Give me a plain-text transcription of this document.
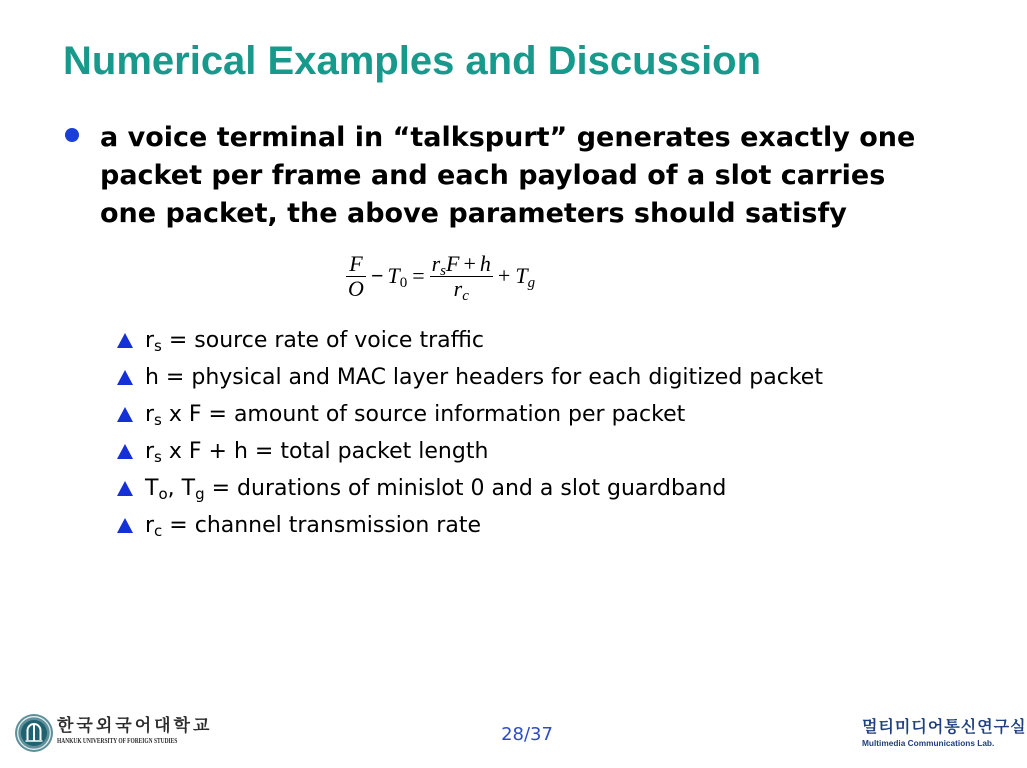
Numerical Examples and Discussion

a voice terminal in “talkspurt” generates exactly one packet per frame and each payload of a slot carries one packet, the above parameters should satisfy

$\frac{F}{O} - T_0 = \frac{r_sF + h}{r_c} + T_g$
$r_s$ = source rate of voice traffic
h = physical and MAC layer headers for each digitized packet
$r_s$ x F = amount of source information per packet
$r_s$ x F + h = total packet length
$T_o$, $T_g$ = durations of minislot 0 and a slot guardband
$r_c$ = channel transmission rate
한국외국어대학교
HANKUK UNIVERSITY OF FOREIGN STUDIES	28/37	멀티미디어통신연구실
Multimedia Communications Lab.
